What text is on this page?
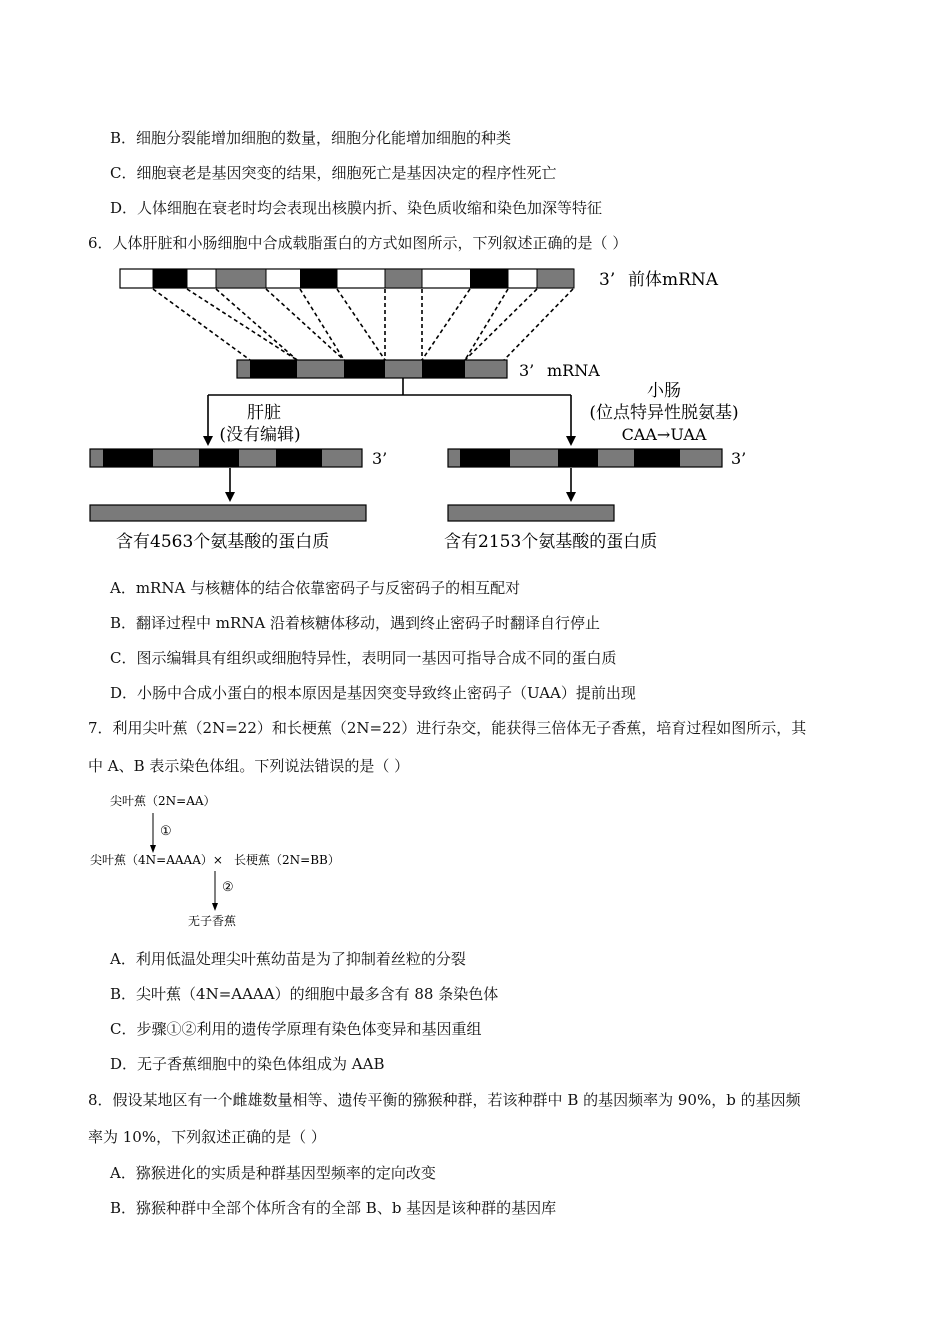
B．细胞分裂能增加细胞的数量，细胞分化能增加细胞的种类
C．细胞衰老是基因突变的结果，细胞死亡是基因决定的程序性死亡
D．人体细胞在衰老时均会表现出核膜内折、染色质收缩和染色加深等特征
6．人体肝脏和小肠细胞中合成载脂蛋白的方式如图所示，下列叙述正确的是（ ）
3’ 前体mRNA
3’ mRNA
肝脏
(没有编辑)
小肠
(位点特异性脱氨基)
CAA→UAA
3’	3’
含有4563个氨基酸的蛋白质	含有2153个氨基酸的蛋白质
A．mRNA 与核糖体的结合依靠密码子与反密码子的相互配对
B．翻译过程中 mRNA 沿着核糖体移动，遇到终止密码子时翻译自行停止
C．图示编辑具有组织或细胞特异性，表明同一基因可指导合成不同的蛋白质
D．小肠中合成小蛋白的根本原因是基因突变导致终止密码子（UAA）提前出现
7．利用尖叶蕉（2N=22）和长梗蕉（2N=22）进行杂交，能获得三倍体无子香蕉，培育过程如图所示，其
中 A、B 表示染色体组。下列说法错误的是（ ）
尖叶蕉（2N=AA）
①
尖叶蕉（4N=AAAA）× 长梗蕉（2N=BB）
②
无子香蕉
A．利用低温处理尖叶蕉幼苗是为了抑制着丝粒的分裂
B．尖叶蕉（4N=AAAA）的细胞中最多含有 88 条染色体
C．步骤①②利用的遗传学原理有染色体变异和基因重组
D．无子香蕉细胞中的染色体组成为 AAB
8．假设某地区有一个雌雄数量相等、遗传平衡的猕猴种群，若该种群中 B 的基因频率为 90%，b 的基因频
率为 10%，下列叙述正确的是（ ）
A．猕猴进化的实质是种群基因型频率的定向改变
B．猕猴种群中全部个体所含有的全部 B、b 基因是该种群的基因库
